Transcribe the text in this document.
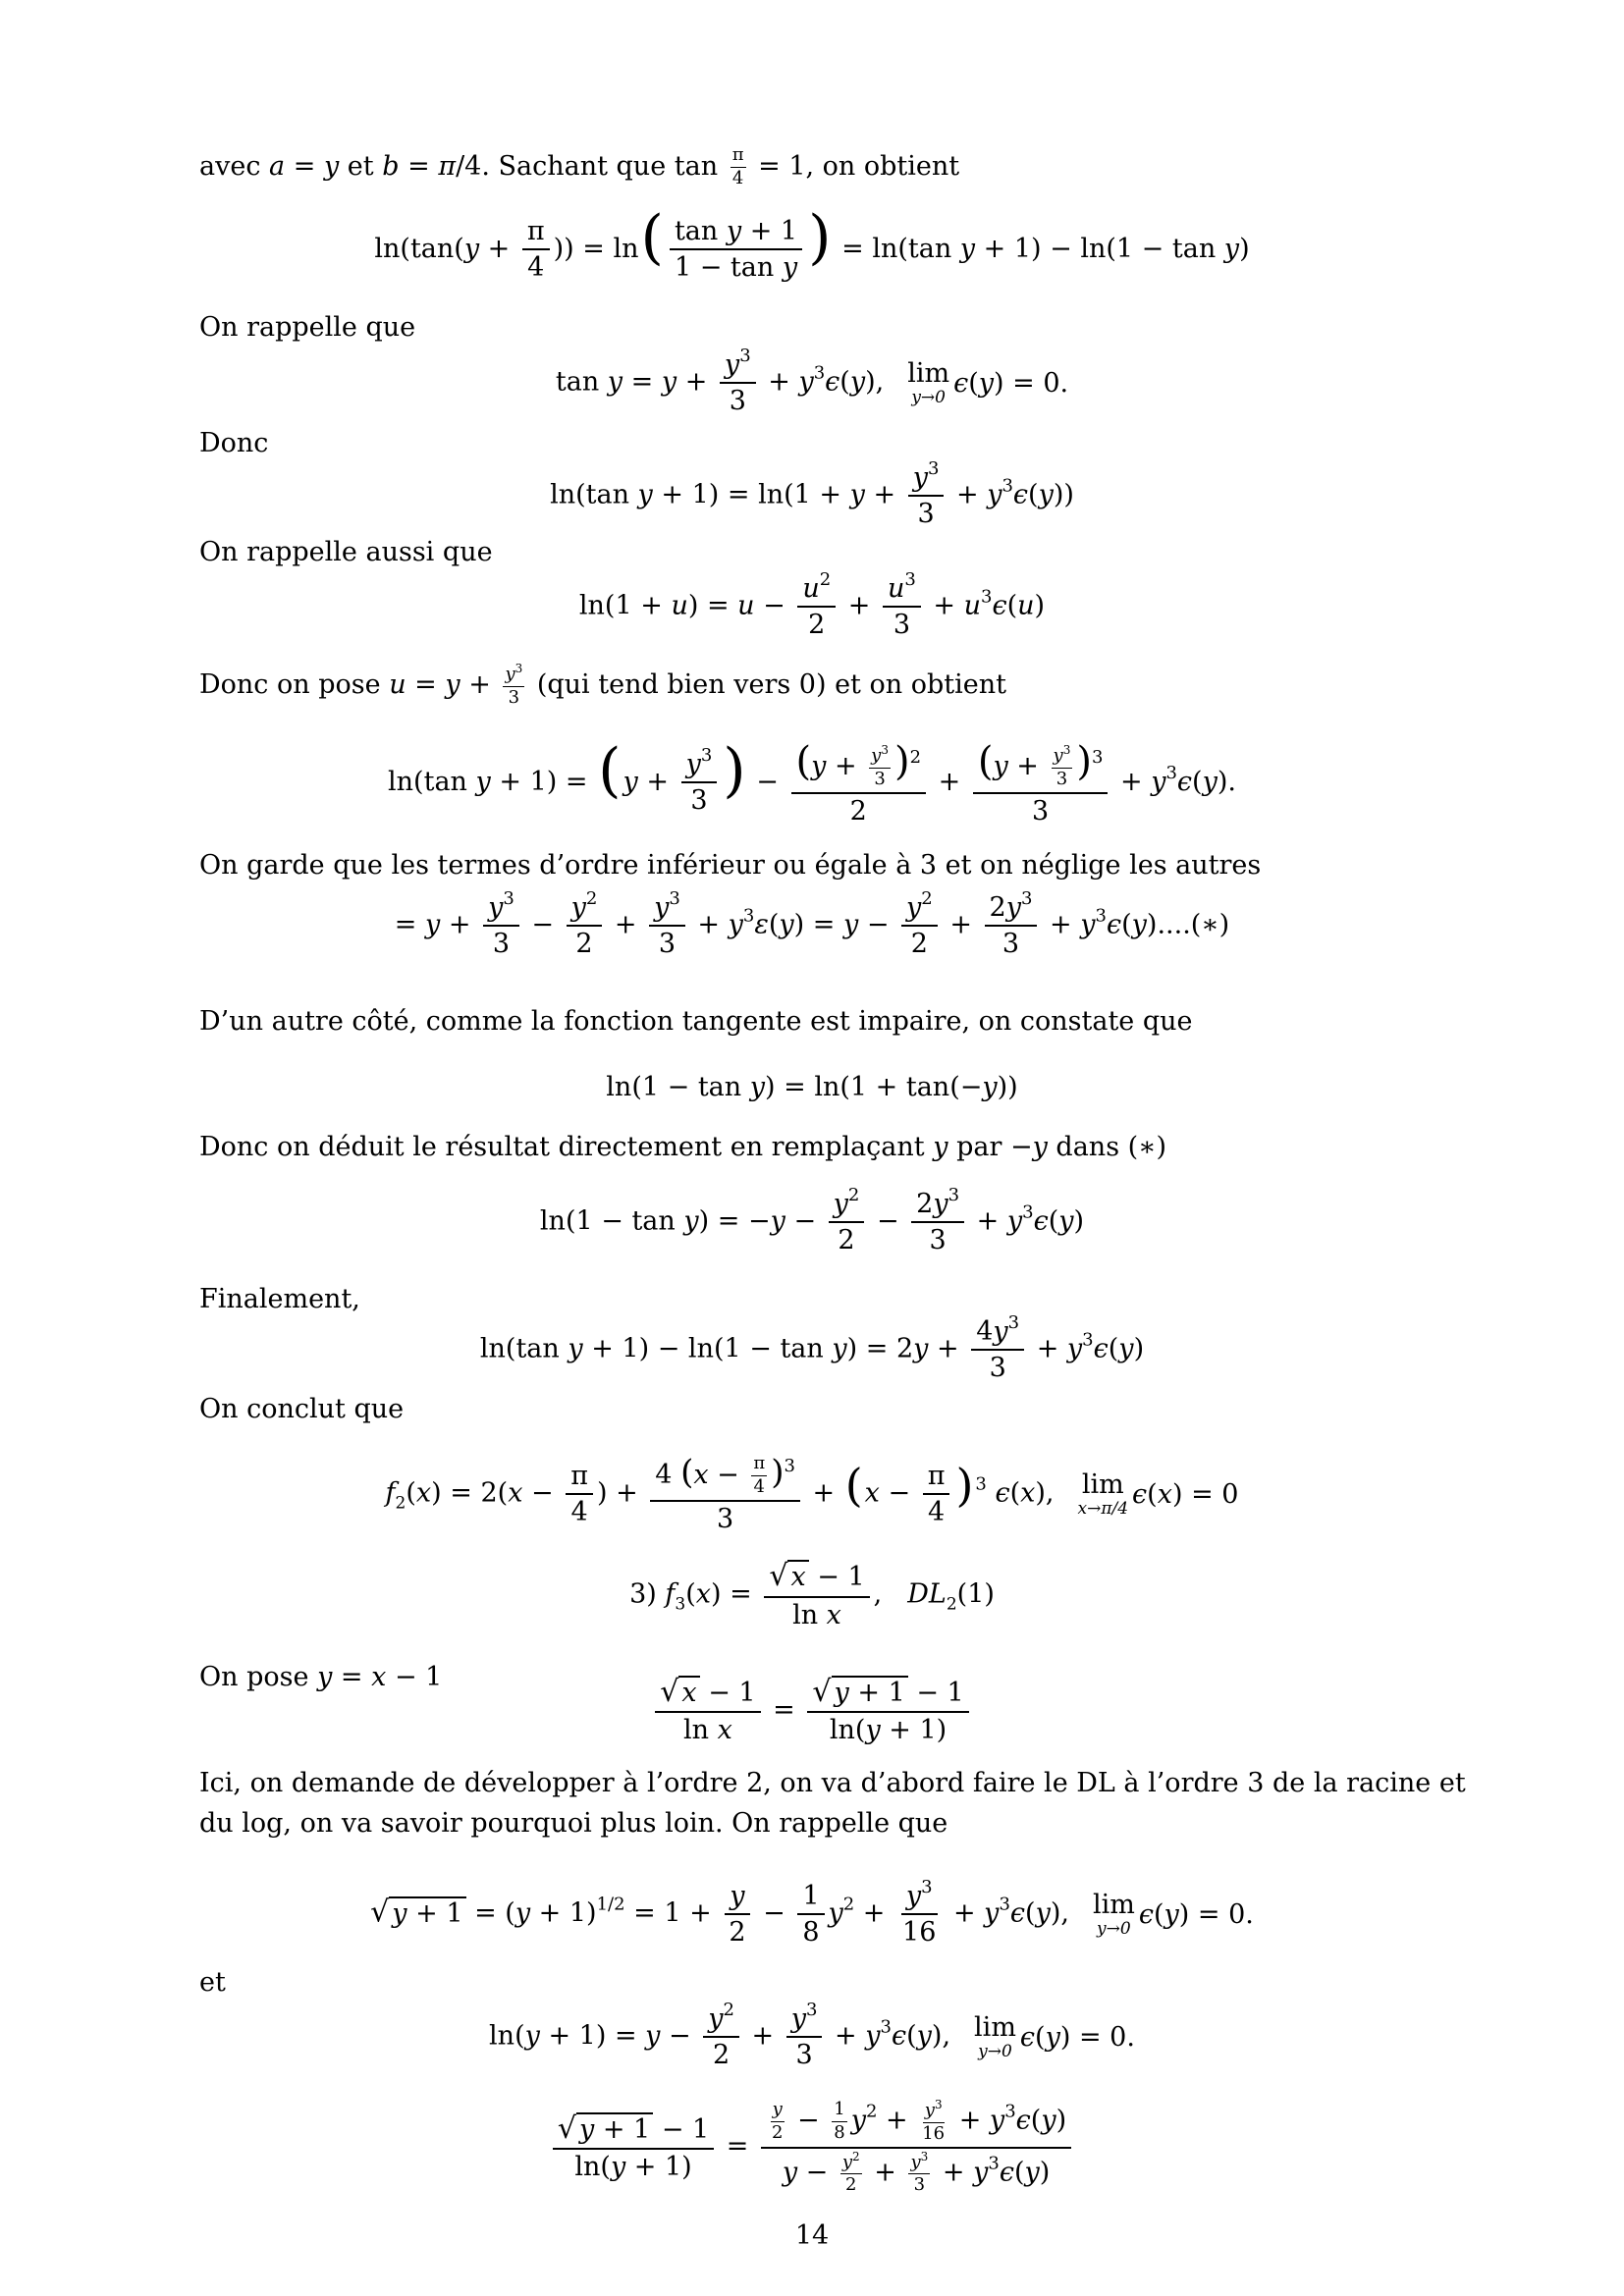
avec a = y et b = π/4. Sachant que $\tan \frac{\pi}{4} = 1$, on obtient
$\ln(\tan(y + \frac{\pi}{4}$ )) = $\ln( \frac{\text{tan y + 1}}{\text{1 − tan y}}$ ) = ln(tan y + 1) − ln(1 − tan y)
On rappelle que
$\tan y = y + \frac{y^3}{3} + y^3\epsilon(y)$, lim
y→0 ϵ(y) = 0.
Donc
ln(tan $y + 1) = \ln(1 + y + \frac{y^3}{3} + y^3\epsilon(y))$
On rappelle aussi que
$\ln(1 + u) = u - \frac{u^2}{2} + \frac{u^3}{3} + u^3\epsilon(u)$
Donc on pose $u = y + \frac{y^3}{3} (qui$ tend bien vers 0) et on obtient
ln(tan $y + 1) = (y + \frac{y^3}{3}$ ) − $\frac{(y + \frac{y^3}{3} )^2}{2} + \frac{(y + \frac{y^3}{3} )^3}{3} + y^3\epsilon(y)$.
On garde que les termes d’ordre inférieur ou égale à 3 et on néglige les autres
= $y + \frac{y^3}{3} - \frac{y^2}{2} + \frac{y^3}{3} + y^3\varepsilon(y) = y - \frac{y^2}{2} + \frac{2y^3}{3}$ + $y^3\epsilon(y)....(∗)$
D’un autre côté, comme la fonction tangente est impaire, on constate que
ln(1 − tan y) = ln(1 + tan(−y))
Donc on déduit le résultat directement en remplaçant y par −y dans (∗)
$\ln(1 - \tan y) = -y - \frac{y^2}{2} - \frac{2y^3}{3} + y^3\epsilon(y)$
Finalement,
ln(tan $y + 1) - \ln(1 - \tan y) = 2y + \frac{4y^3}{3} + y^3\epsilon(y)$
On conclut que
$f_2(x) = 2(x - \frac{\pi}{4}$ ) + $\frac{4 (x - \frac{\pi}{4} )^3}{3} + (x - \frac{\pi}{4}$ ) $^3$ ϵ(x), lim
x→π/4 ϵ(x) = 0
3) $f_3(x) = \frac{√ x - 1}{\text{ln x}}$ , $DL_2(1)$
On pose y = x − 1	$\frac{√ x - 1}{\text{ln x}} = \frac{√ y + 1 - 1}{\ln(y + 1)}$
Ici, on demande de développer à l’ordre 2, on va d’abord faire le DL à l’ordre 3 de la racine et
du log, on va savoir pourquoi plus loin. On rappelle que
√ $y + 1 = (y + 1)^{1/2} = 1 + \frac{y}{2} - \frac{1}{8} y^2 + \frac{y^3}{16} + y^3\epsilon(y)$, lim
y→0 ϵ(y) = 0.
et
$\ln(y + 1) = y - \frac{y^2}{2} + \frac{y^3}{3} + y^3\epsilon(y)$, lim
y→0 ϵ(y) = 0.
$\frac{√ y + 1 - 1}{\ln(y + 1)} = \frac{\frac{y}{2} - \frac{1}{8} y^2 + \frac{y^3}{16} + y^3\epsilon(y)}{y - \frac{y^2}{2} + \frac{y^3}{3} + y^3\epsilon(y)}$
14
